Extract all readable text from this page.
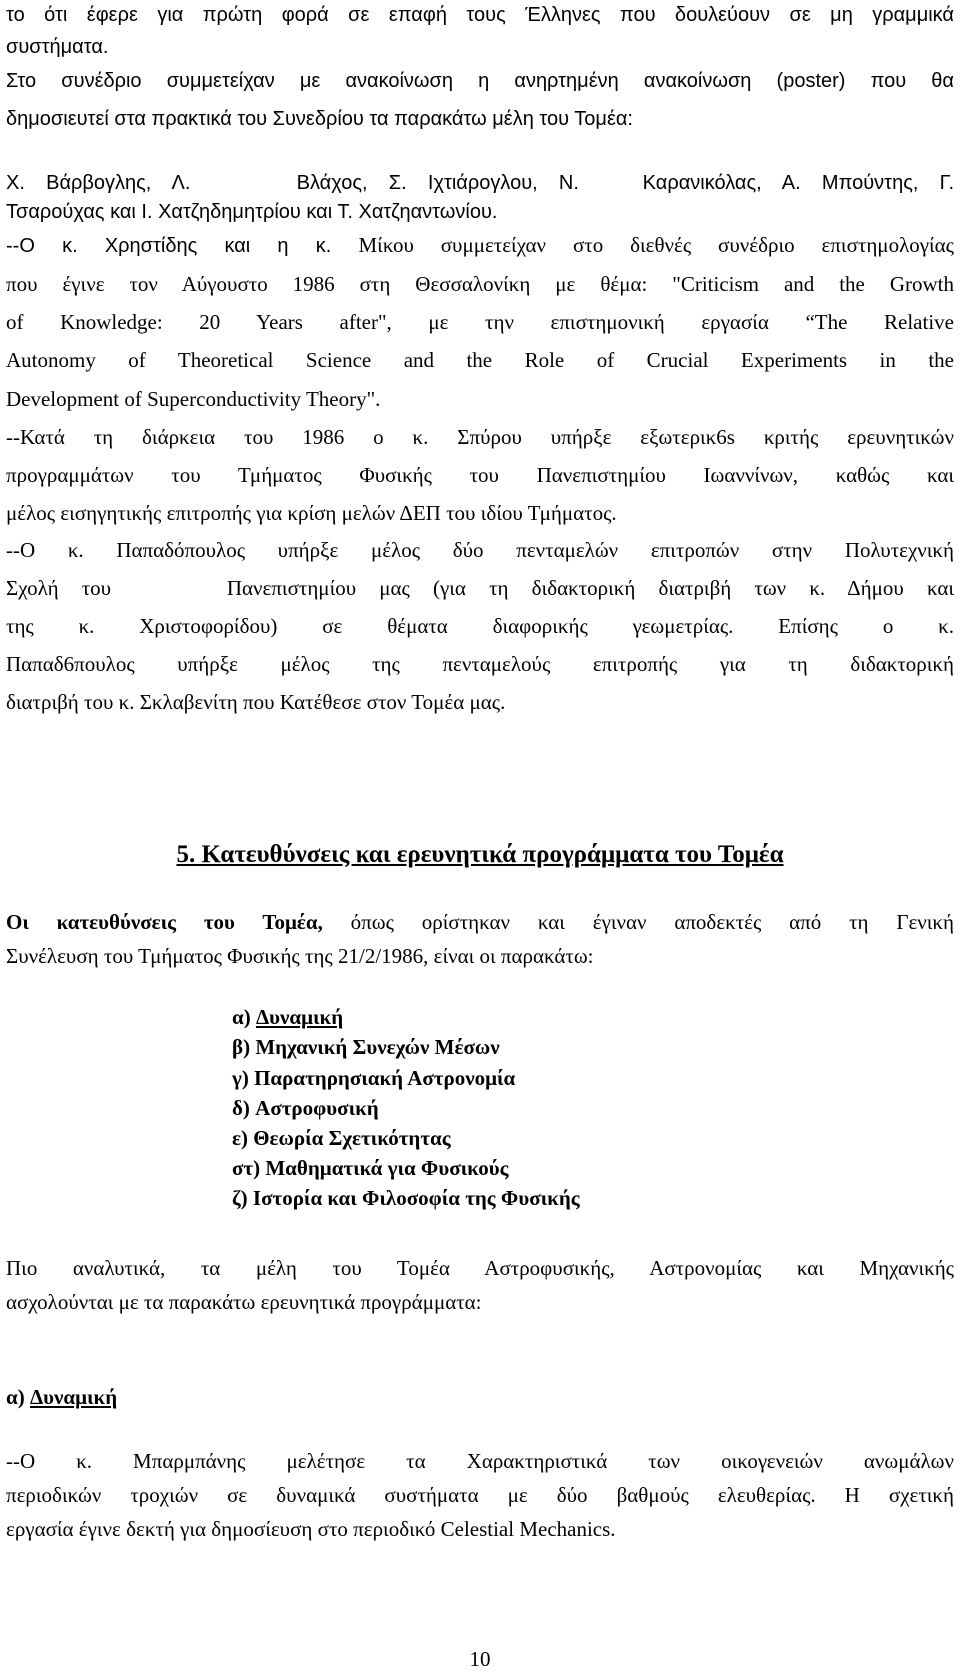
το ότι έφερε για πρώτη φορά σε επαφή τους Έλληνες που δουλεύουν σε μη γραμμικά
συστήματα.
Στο συνέδριο συμμετείχαν με ανακοίνωση η ανηρτημένη ανακοίνωση (poster) που θα
δημοσιευτεί στα πρακτικά του Συνεδρίου τα παρακάτω μέλη του Τομέα:
Χ. Βάρβογλης, Λ.     Βλάχος, Σ. Ιχτιάρογλου, Ν.   Καρανικόλας, Α. Μπούντης, Γ.
Τσαρούχας και Ι. Χατζηδημητρίου και Τ. Χατζηαντωνίου.
--Ο κ. Χρηστίδης και η κ. Μίκου συμμετείχαν στο διεθνές συνέδριο επιστημολογίας
που έγινε τον Αύγουστο 1986 στη Θεσσαλονίκη με θέμα: "Criticism and the Growth
of Knowledge: 20 Years after", με την επιστημονική εργασία “The Relative
Autonomy of Theoretical Science and the Role of Crucial Experiments in the
Development of Superconductivity Theory".
--Κατά τη διάρκεια του 1986 ο κ. Σπύρου υπήρξε εξωτερικ6s κριτής ερευνητικών
προγραμμάτων του Τμήματος Φυσικής του Πανεπιστημίου Ιωαννίνων, καθώς και
μέλος εισηγητικής επιτροπής για κρίση μελών ΔΕΠ του ιδίου Τμήματος.
--Ο κ. Παπαδόπουλος υπήρξε μέλος δύο πενταμελών επιτροπών στην Πολυτεχνική
Σχολή του     Πανεπιστημίου μας (για τη διδακτορική διατριβή των κ. Δήμου και
της κ. Χριστοφορίδου) σε θέματα διαφορικής γεωμετρίας. Επίσης ο κ.
Παπαδ6πουλος υπήρξε μέλος της πενταμελούς επιτροπής για τη διδακτορική
διατριβή του κ. Σκλαβενίτη που Κατέθεσε στον Τομέα μας.
5. Κατευθύνσεις και ερευνητικά προγράμματα του Τομέα
Οι κατευθύνσεις του Τομέα, όπως ορίστηκαν και έγιναν αποδεκτές από τη Γενική
Συνέλευση του Τμήματος Φυσικής της 21/2/1986, είναι οι παρακάτω:
α) Δυναμική
β) Μηχανική Συνεχών Μέσων
γ) Παρατηρησιακή Αστρονομία
δ) Αστροφυσική
ε) Θεωρία Σχετικότητας
στ) Μαθηματικά για Φυσικούς
ζ) Ιστορία και Φιλοσοφία της Φυσικής
Πιο αναλυτικά, τα μέλη του Τομέα Αστροφυσικής, Αστρονομίας και Μηχανικής
ασχολούνται με τα παρακάτω ερευνητικά προγράμματα:
α) Δυναμική
--Ο κ. Μπαρμπάνης μελέτησε τα Χαρακτηριστικά των οικογενειών ανωμάλων
περιοδικών τροχιών σε δυναμικά συστήματα με δύο βαθμούς ελευθερίας. Η σχετική
εργασία έγινε δεκτή για δημοσίευση στο περιοδικό Celestial Mechanics.
10
